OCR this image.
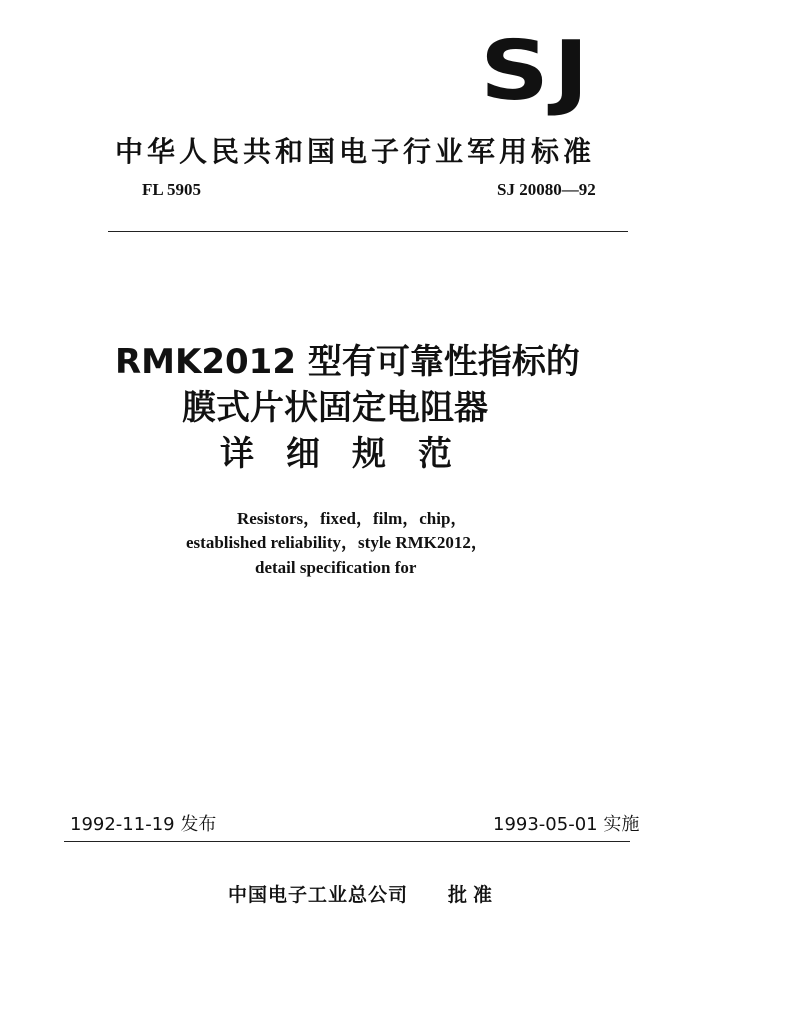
SJ
中华人民共和国电子行业军用标准
FL 5905	SJ 20080—92
RMK2012 型有可靠性指标的
膜式片状固定电阻器
详细规范
Resistors，fixed，film，chip，
established reliability，style RMK2012，
detail specification for
1992-11-19 发布	1993-05-01 实施
中国电子工业总公司 批准
